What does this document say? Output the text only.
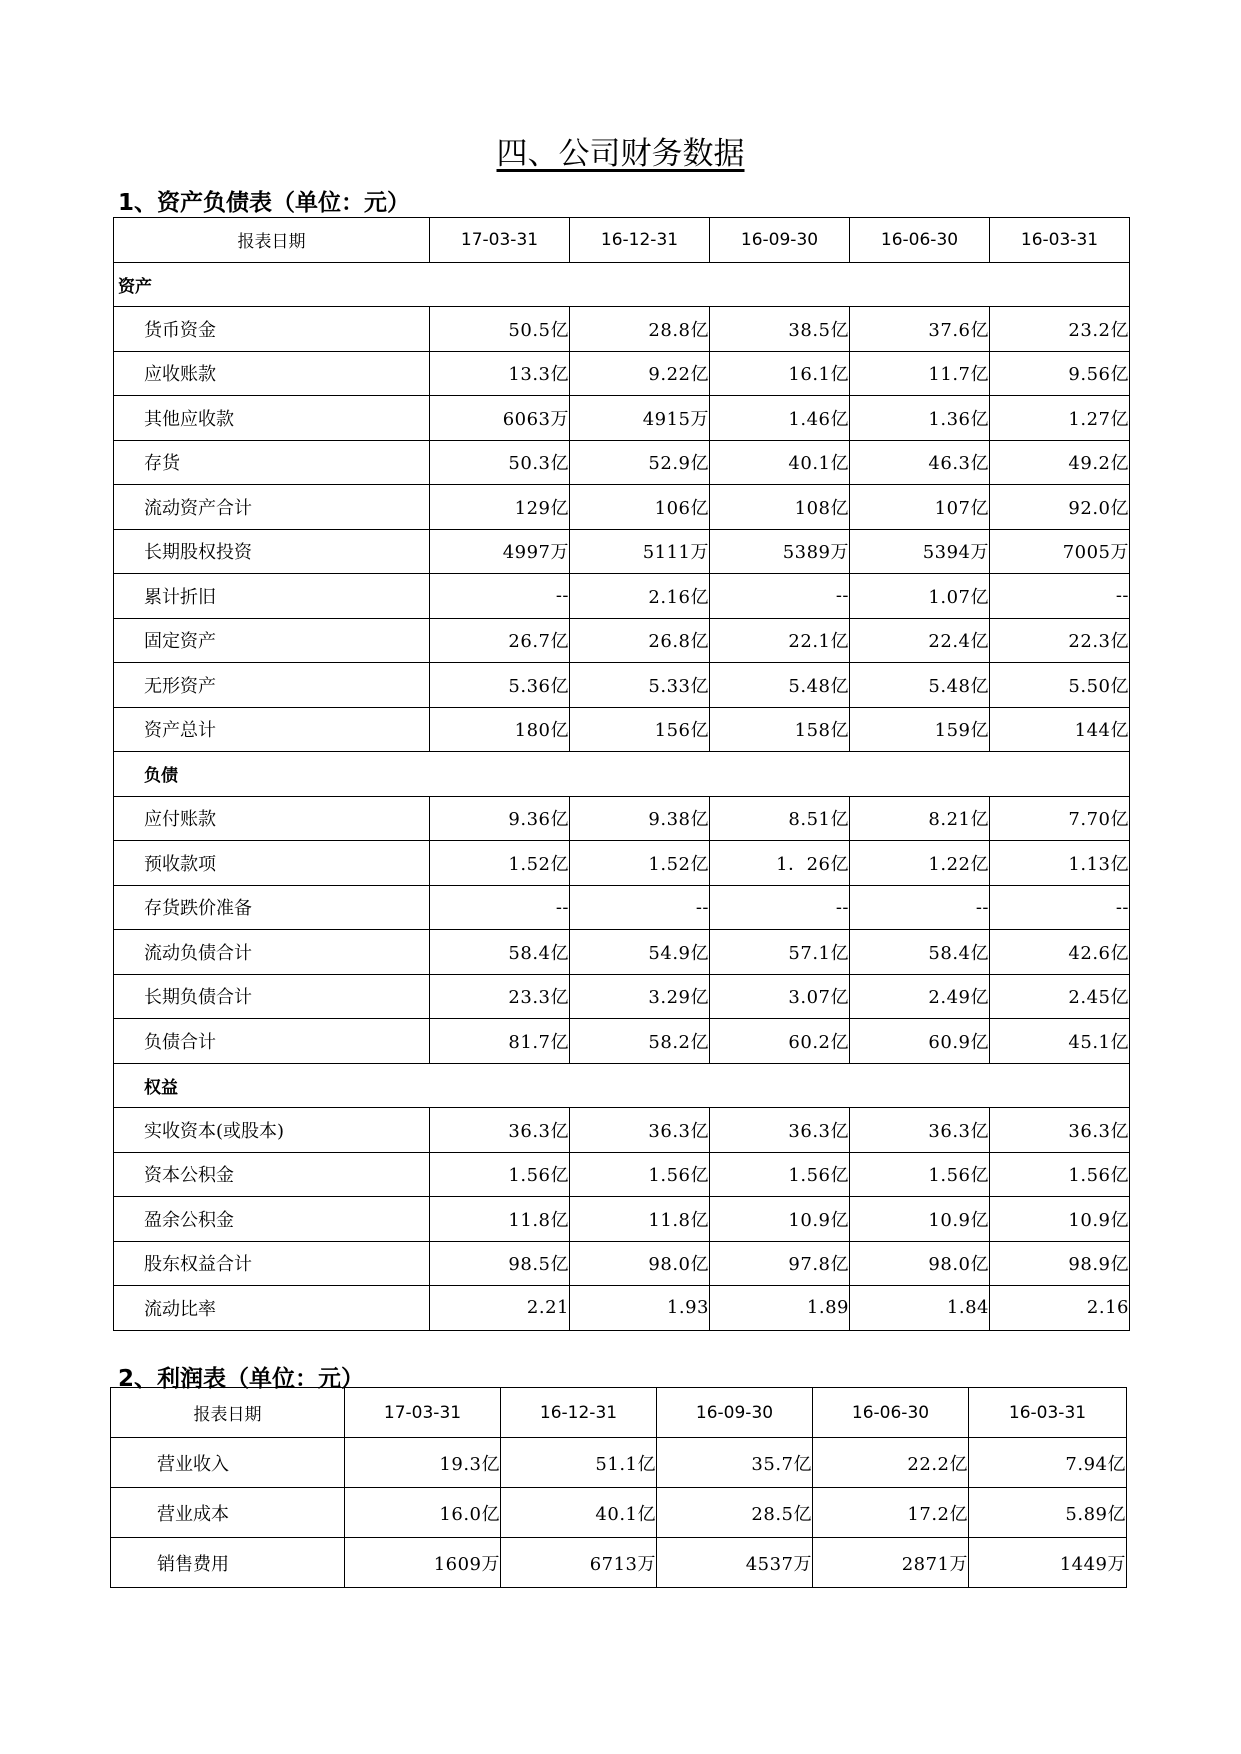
四、公司财务数据
1、资产负债表（单位：元）
报表日期	17-03-31	16-12-31	16-09-30	16-06-30	16-03-31
资产					
货币资金	50.5亿	28.8亿	38.5亿	37.6亿	23.2亿
应收账款	13.3亿	9.22亿	16.1亿	11.7亿	9.56亿
其他应收款	6063万	4915万	1.46亿	1.36亿	1.27亿
存货	50.3亿	52.9亿	40.1亿	46.3亿	49.2亿
流动资产合计	129亿	106亿	108亿	107亿	92.0亿
长期股权投资	4997万	5111万	5389万	5394万	7005万
累计折旧	--	2.16亿	--	1.07亿	--
固定资产	26.7亿	26.8亿	22.1亿	22.4亿	22.3亿
无形资产	5.36亿	5.33亿	5.48亿	5.48亿	5.50亿
资产总计	180亿	156亿	158亿	159亿	144亿
负债					
应付账款	9.36亿	9.38亿	8.51亿	8.21亿	7.70亿
预收款项	1.52亿	1.52亿	1．26亿	1.22亿	1.13亿
存货跌价准备	--	--	--	--	--
流动负债合计	58.4亿	54.9亿	57.1亿	58.4亿	42.6亿
长期负债合计	23.3亿	3.29亿	3.07亿	2.49亿	2.45亿
负债合计	81.7亿	58.2亿	60.2亿	60.9亿	45.1亿
权益					
实收资本(或股本)	36.3亿	36.3亿	36.3亿	36.3亿	36.3亿
资本公积金	1.56亿	1.56亿	1.56亿	1.56亿	1.56亿
盈余公积金	11.8亿	11.8亿	10.9亿	10.9亿	10.9亿
股东权益合计	98.5亿	98.0亿	97.8亿	98.0亿	98.9亿
流动比率	2.21	1.93	1.89	1.84	2.16
2、利润表（单位：元）
报表日期	17-03-31	16-12-31	16-09-30	16-06-30	16-03-31
营业收入	19.3亿	51.1亿	35.7亿	22.2亿	7.94亿
营业成本	16.0亿	40.1亿	28.5亿	17.2亿	5.89亿
销售费用	1609万	6713万	4537万	2871万	1449万
